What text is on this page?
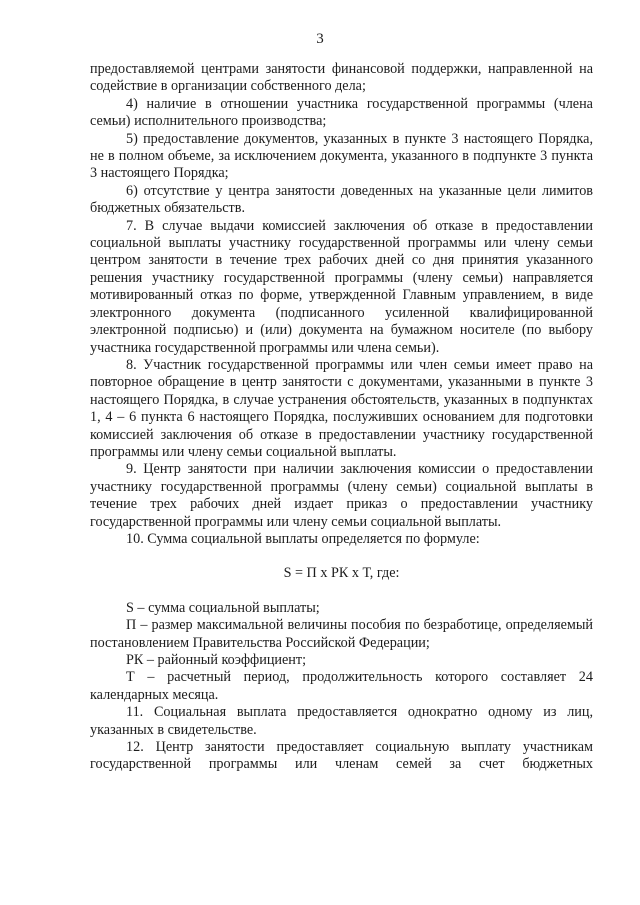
3

предоставляемой центрами занятости финансовой поддержки, направленной на содействие в организации собственного дела;

4) наличие в отношении участника государственной программы (члена семьи) исполнительного производства;

5) предоставление документов, указанных в пункте 3 настоящего Порядка, не в полном объеме, за исключением документа, указанного в подпункте 3 пункта 3 настоящего Порядка;

6) отсутствие у центра занятости доведенных на указанные цели лимитов бюджетных обязательств.

7. В случае выдачи комиссией заключения об отказе в предоставлении социальной выплаты участнику государственной программы или члену семьи центром занятости в течение трех рабочих дней со дня принятия указанного решения участнику государственной программы (члену семьи) направляется мотивированный отказ по форме, утвержденной Главным управлением, в виде электронного документа (подписанного усиленной квалифицированной электронной подписью) и (или) документа на бумажном носителе (по выбору участника государственной программы или члена семьи).

8. Участник государственной программы или член семьи имеет право на повторное обращение в центр занятости с документами, указанными в пункте 3 настоящего Порядка, в случае устранения обстоятельств, указанных в подпунктах 1, 4 – 6 пункта 6 настоящего Порядка, послуживших основанием для подготовки комиссией заключения об отказе в предоставлении участнику государственной программы или члену семьи социальной выплаты.

9. Центр занятости при наличии заключения комиссии о предоставлении участнику государственной программы (члену семьи) социальной выплаты в течение трех рабочих дней издает приказ о предоставлении участнику государственной программы или члену семьи социальной выплаты.

10. Сумма социальной выплаты определяется по формуле:

S = П х РК х Т, где:

S – сумма социальной выплаты;

П – размер максимальной величины пособия по безработице, определяемый постановлением Правительства Российской Федерации;

РК – районный коэффициент;

Т – расчетный период, продолжительность которого составляет 24 календарных месяца.

11. Социальная выплата предоставляется однократно одному из лиц, указанных в свидетельстве.

12. Центр занятости предоставляет социальную выплату участникам государственной программы или членам семей за счет бюджетных
